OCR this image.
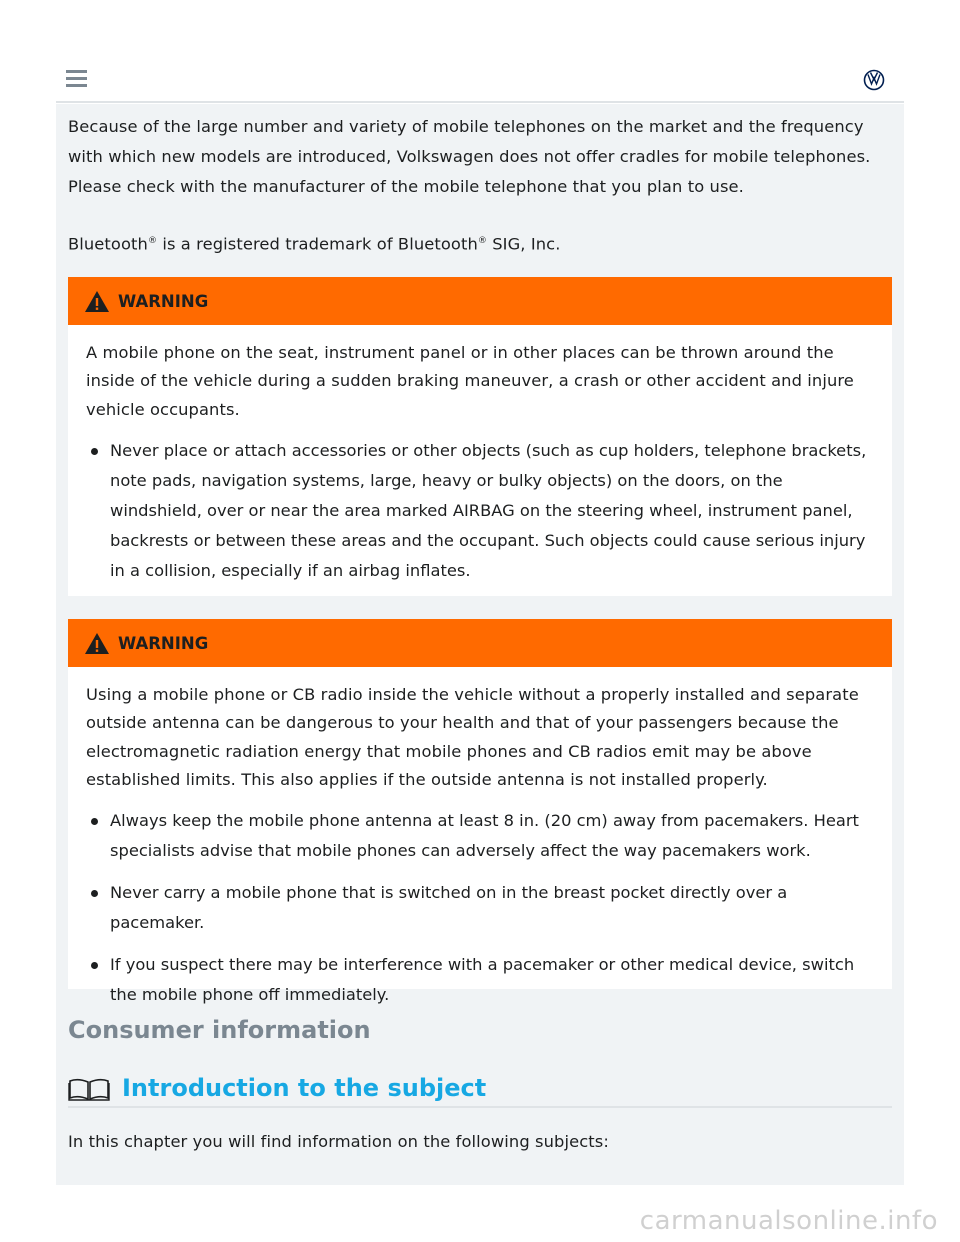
Because of the large number and variety of mobile telephones on the market and the frequency with which new models are introduced, Volkswagen does not offer cradles for mobile telephones. Please check with the manufacturer of the mobile telephone that you plan to use.

Bluetooth® is a registered trademark of Bluetooth® SIG, Inc.

WARNING

A mobile phone on the seat, instrument panel or in other places can be thrown around the inside of the vehicle during a sudden braking maneuver, a crash or other accident and injure vehicle occupants.

Never place or attach accessories or other objects (such as cup holders, telephone brackets, note pads, navigation systems, large, heavy or bulky objects) on the doors, on the windshield, over or near the area marked AIRBAG on the steering wheel, instrument panel, backrests or between these areas and the occupant. Such objects could cause serious injury in a collision, especially if an airbag inflates.
WARNING

Using a mobile phone or CB radio inside the vehicle without a properly installed and separate outside antenna can be dangerous to your health and that of your passengers because the electromagnetic radiation energy that mobile phones and CB radios emit may be above established limits. This also applies if the outside antenna is not installed properly.

Always keep the mobile phone antenna at least 8 in. (20 cm) away from pacemakers. Heart specialists advise that mobile phones can adversely affect the way pacemakers work.
Never carry a mobile phone that is switched on in the breast pocket directly over a pacemaker.
If you suspect there may be interference with a pacemaker or other medical device, switch the mobile phone off immediately.
Consumer information
Introduction to the subject

In this chapter you will find information on the following subjects:

carmanualsonline.info
